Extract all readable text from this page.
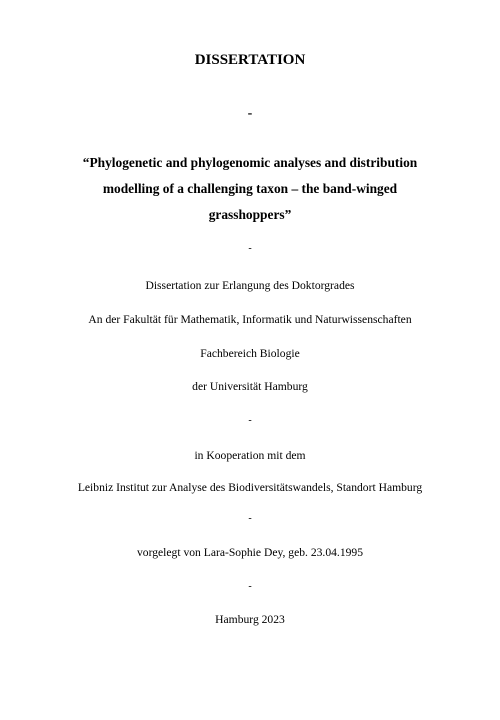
DISSERTATION
-
“Phylogenetic and phylogenomic analyses and distribution modelling of a challenging taxon – the band-winged grasshoppers”
-
Dissertation zur Erlangung des Doktorgrades
An der Fakultät für Mathematik, Informatik und Naturwissenschaften
Fachbereich Biologie
der Universität Hamburg
-
in Kooperation mit dem
Leibniz Institut zur Analyse des Biodiversitätswandels, Standort Hamburg
-
vorgelegt von Lara-Sophie Dey, geb. 23.04.1995
-
Hamburg 2023
